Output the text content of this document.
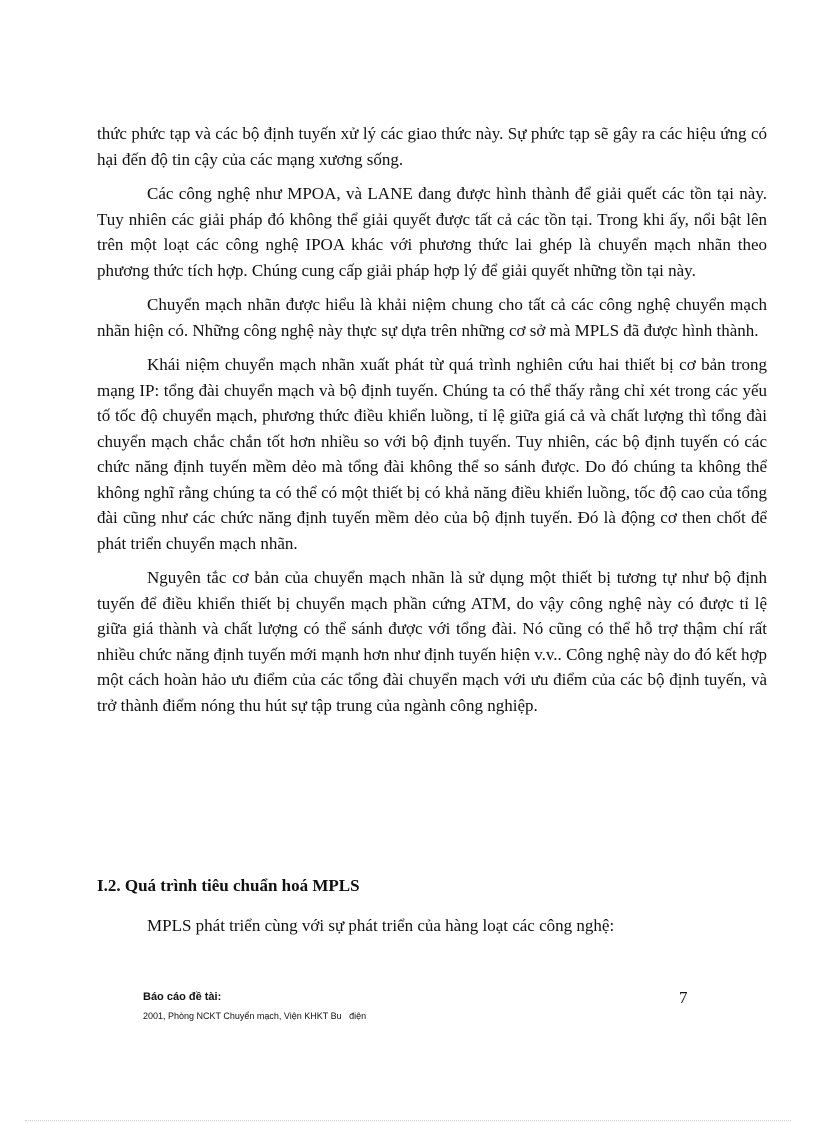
thức phức tạp và các bộ định tuyến xử lý các giao thức này. Sự phức tạp sẽ gây ra các hiệu ứng có hại đến độ tin cậy của các mạng xương sống.

Các công nghệ như MPOA, và LANE đang được hình thành để giải quết các tồn tại này. Tuy nhiên các giải pháp đó không thể giải quyết được tất cả các tồn tại. Trong khi ấy, nổi bật lên trên một loạt các công nghệ IPOA khác với phương thức lai ghép là chuyển mạch nhãn theo phương thức tích hợp. Chúng cung cấp giải pháp hợp lý để giải quyết những tồn tại này.

Chuyển mạch nhãn được hiểu là khải niệm chung cho tất cả các công nghệ chuyển mạch nhãn hiện có. Những công nghệ này thực sự dựa trên những cơ sở mà MPLS đã được hình thành.

Khái niệm chuyển mạch nhãn xuất phát từ quá trình nghiên cứu hai thiết bị cơ bản trong mạng IP: tổng đài chuyển mạch và bộ định tuyến. Chúng ta có thể thấy rằng chỉ xét trong các yếu tố tốc độ chuyển mạch, phương thức điều khiển luồng, tỉ lệ giữa giá cả và chất lượng thì tổng đài chuyển mạch chắc chắn tốt hơn nhiều so với bộ định tuyến. Tuy nhiên, các bộ định tuyến có các chức năng định tuyến mềm dẻo mà tổng đài không thể so sánh được. Do đó chúng ta không thể không nghĩ rằng chúng ta có thể có một thiết bị có khả năng điều khiển luồng, tốc độ cao của tổng đài cũng như các chức năng định tuyến mềm dẻo của bộ định tuyến. Đó là động cơ then chốt để phát triển chuyển mạch nhãn.

Nguyên tắc cơ bản của chuyển mạch nhãn là sử dụng một thiết bị tương tự như bộ định tuyến để điều khiển thiết bị chuyển mạch phần cứng ATM, do vậy công nghệ này có được tỉ lệ giữa giá thành và chất lượng có thể sánh được với tổng đài. Nó cũng có thể hỗ trợ thậm chí rất nhiều chức năng định tuyến mới mạnh hơn như định tuyến hiện v.v.. Công nghệ này do đó kết hợp một cách hoàn hảo ưu điểm của các tổng đài chuyển mạch với ưu điểm của các bộ định tuyến, và trở thành điểm nóng thu hút sự tập trung của ngành công nghiệp.

I.2. Quá trình tiêu chuẩn hoá MPLS
MPLS phát triển cùng với sự phát triển của hàng loạt các công nghệ:
Báo cáo đề tài:	7
2001, Phòng NCKT Chuyển mạch, Viện KHKT Bu   điện
